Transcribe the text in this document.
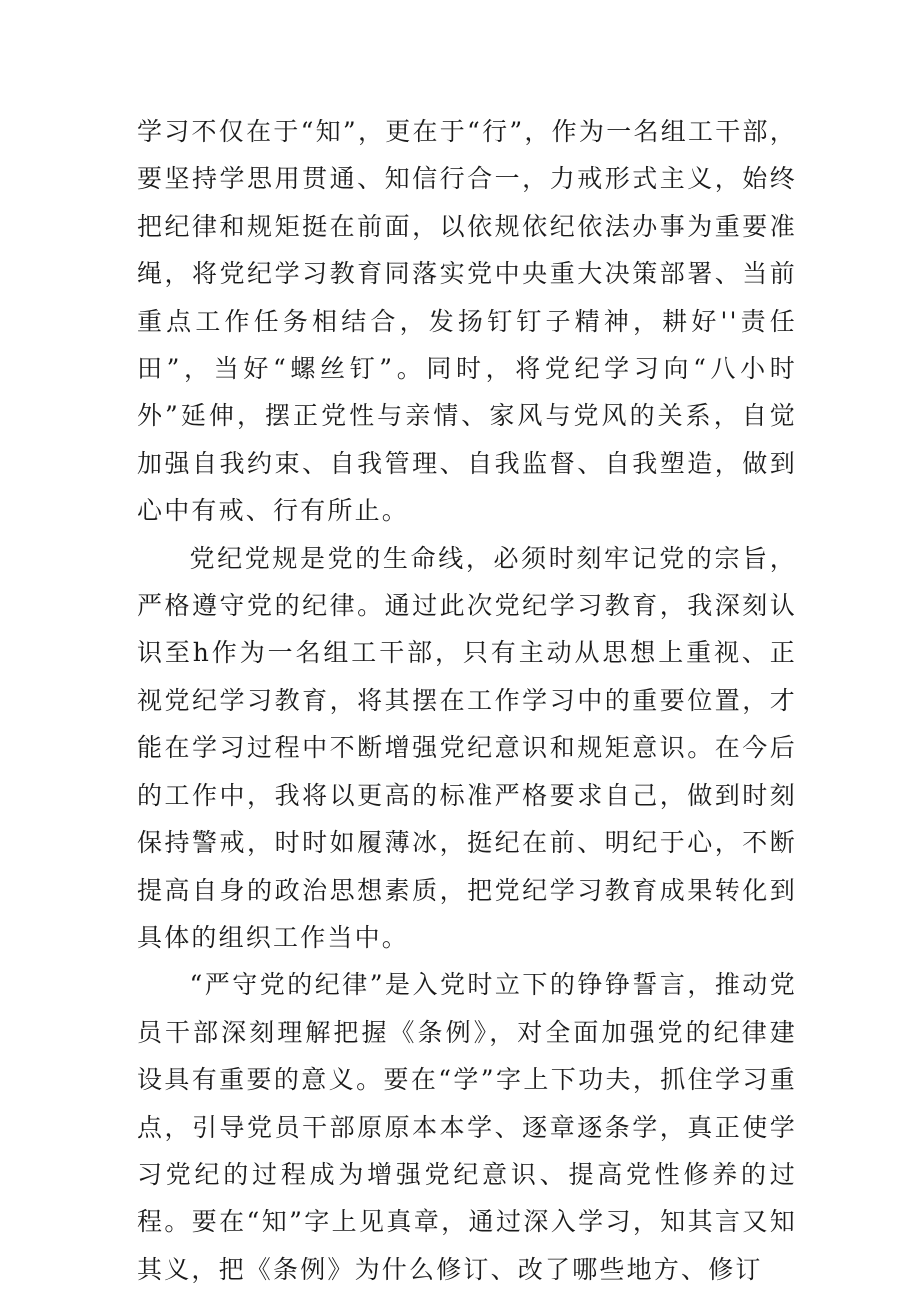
学习不仅在于“知”，更在于“行”，作为一名组工干部，要坚持学思用贯通、知信行合一，力戒形式主义，始终把纪律和规矩挺在前面，以依规依纪依法办事为重要准绳，将党纪学习教育同落实党中央重大决策部署、当前重点工作任务相结合，发扬钉钉子精神，耕好''责任田”，当好“螺丝钉”。同时，将党纪学习向“八小时外”延伸，摆正党性与亲情、家风与党风的关系，自觉加强自我约束、自我管理、自我监督、自我塑造，做到心中有戒、行有所止。

党纪党规是党的生命线，必须时刻牢记党的宗旨，严格遵守党的纪律。通过此次党纪学习教育，我深刻认识至h作为一名组工干部，只有主动从思想上重视、正视党纪学习教育，将其摆在工作学习中的重要位置，才能在学习过程中不断增强党纪意识和规矩意识。在今后的工作中，我将以更高的标准严格要求自己，做到时刻保持警戒，时时如履薄冰，挺纪在前、明纪于心，不断提高自身的政治思想素质，把党纪学习教育成果转化到具体的组织工作当中。

“严守党的纪律”是入党时立下的铮铮誓言，推动党员干部深刻理解把握《条例》，对全面加强党的纪律建设具有重要的意义。要在“学”字上下功夫，抓住学习重点，引导党员干部原原本本学、逐章逐条学，真正使学习党纪的过程成为增强党纪意识、提高党性修养的过程。要在“知”字上见真章，通过深入学习，知其言又知其义，把《条例》为什么修订、改了哪些地方、修订
